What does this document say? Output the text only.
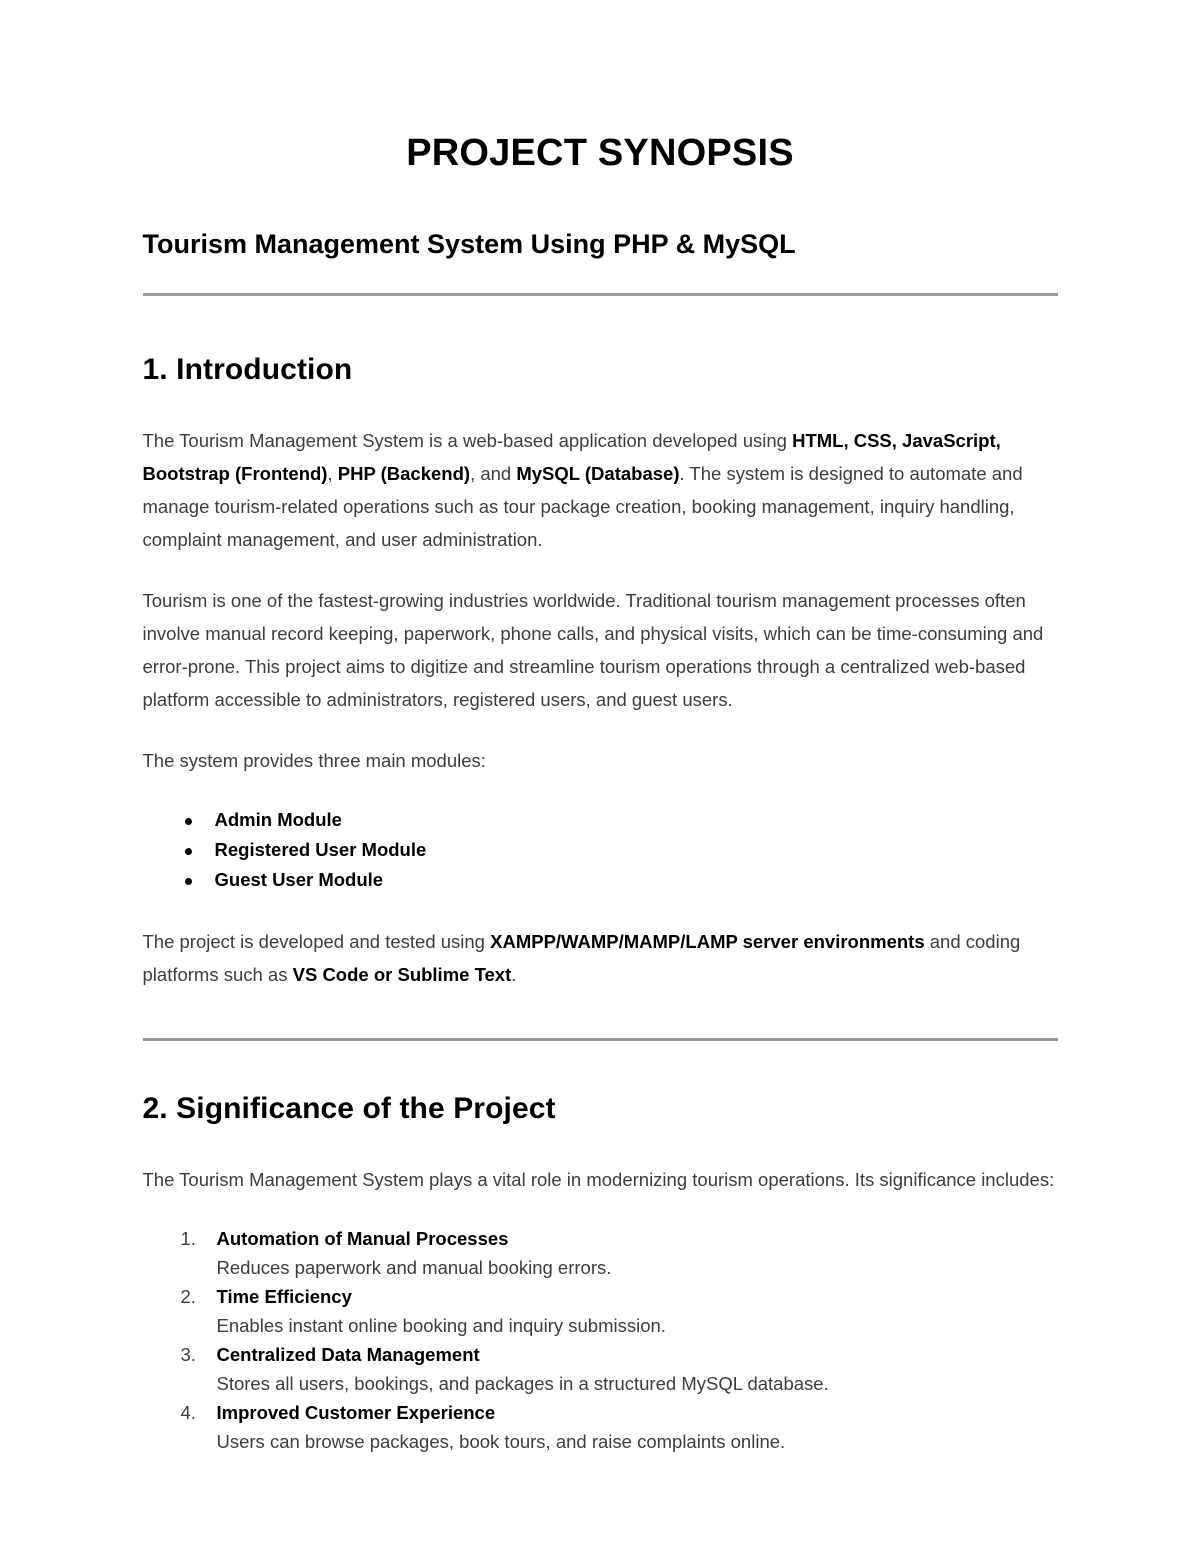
PROJECT SYNOPSIS
Tourism Management System Using PHP & MySQL
1. Introduction

The Tourism Management System is a web-based application developed using HTML, CSS, JavaScript, Bootstrap (Frontend), PHP (Backend), and MySQL (Database). The system is designed to automate and manage tourism-related operations such as tour package creation, booking management, inquiry handling, complaint management, and user administration.

Tourism is one of the fastest-growing industries worldwide. Traditional tourism management processes often involve manual record keeping, paperwork, phone calls, and physical visits, which can be time-consuming and error-prone. This project aims to digitize and streamline tourism operations through a centralized web-based platform accessible to administrators, registered users, and guest users.

The system provides three main modules:

Admin Module
Registered User Module
Guest User Module

The project is developed and tested using XAMPP/WAMP/MAMP/LAMP server environments and coding platforms such as VS Code or Sublime Text.

2. Significance of the Project

The Tourism Management System plays a vital role in modernizing tourism operations. Its significance includes:

Automation of Manual Processes
Reduces paperwork and manual booking errors.
Time Efficiency
Enables instant online booking and inquiry submission.
Centralized Data Management
Stores all users, bookings, and packages in a structured MySQL database.
Improved Customer Experience
Users can browse packages, book tours, and raise complaints online.
